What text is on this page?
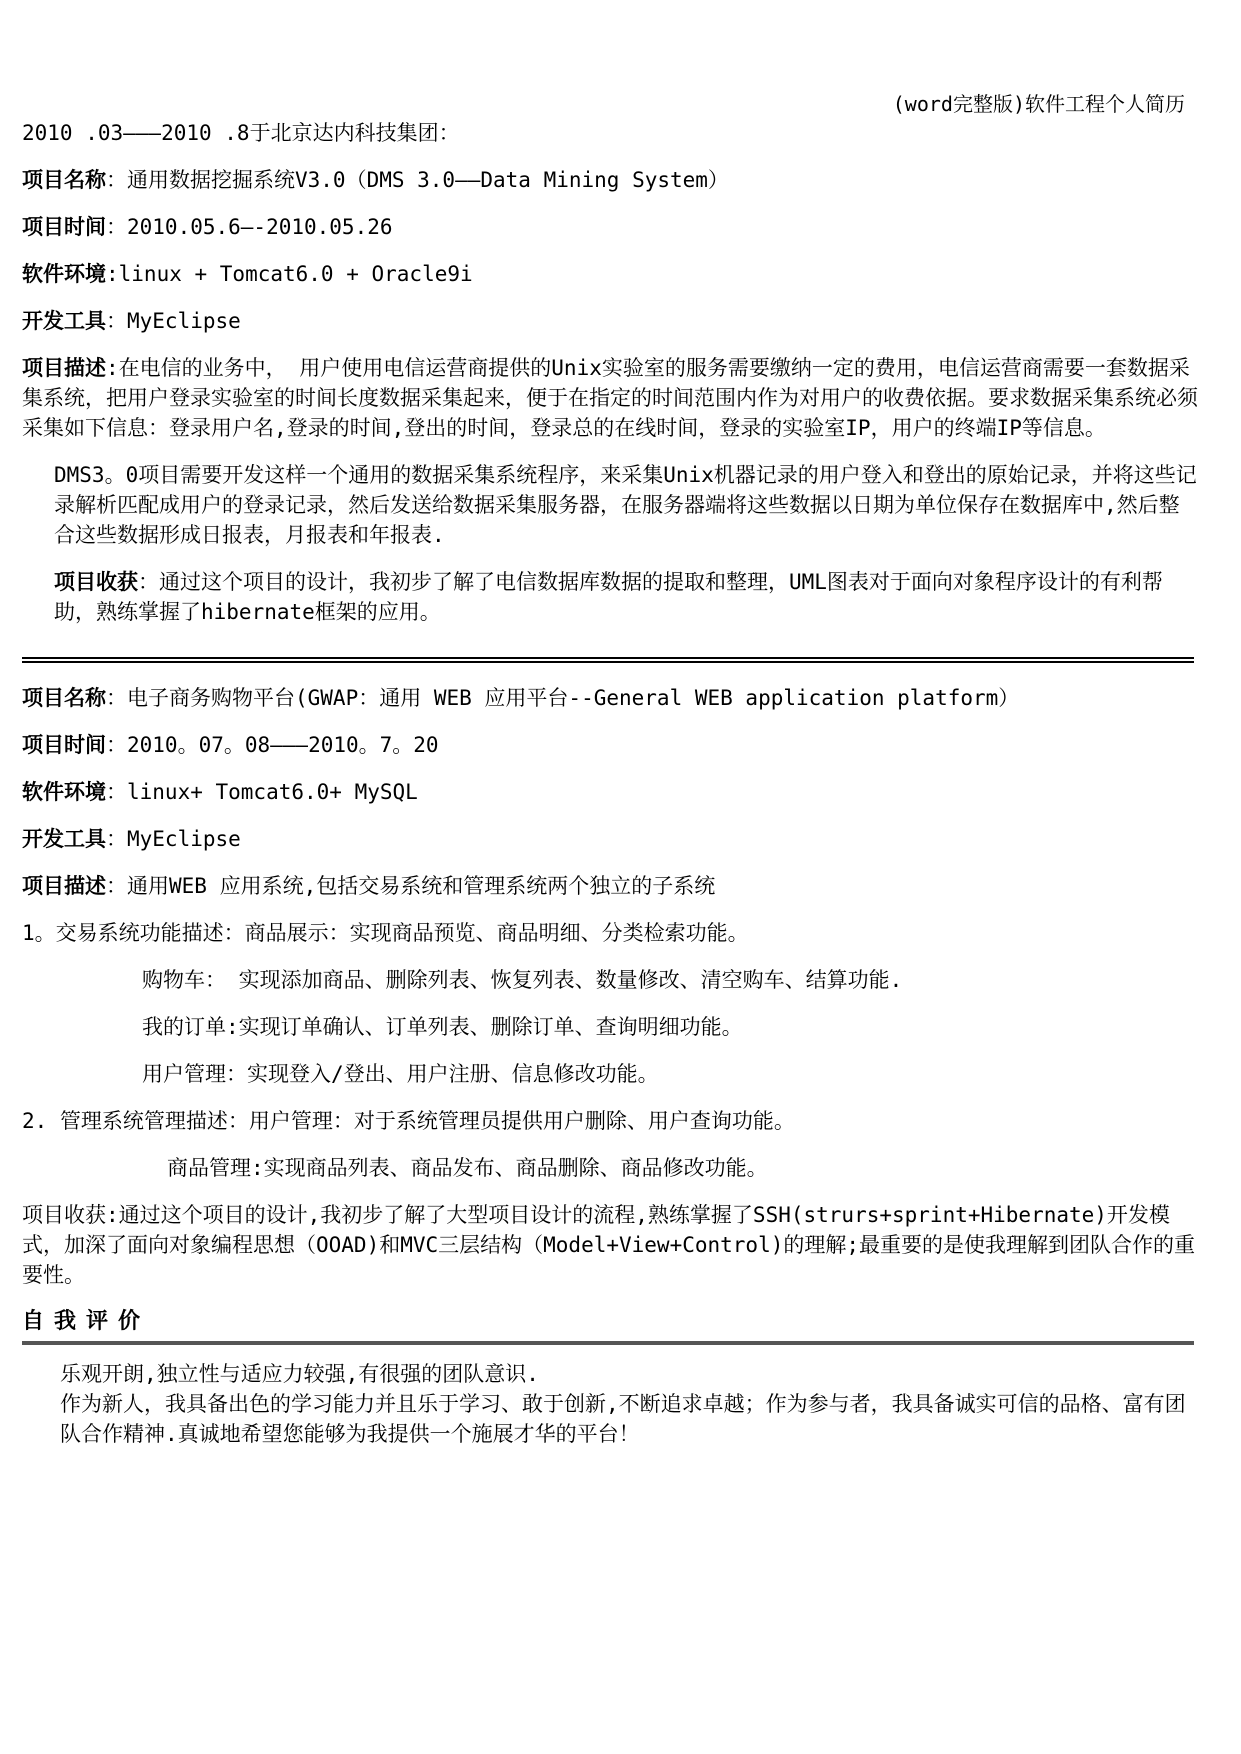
(word完整版)软件工程个人简历
2010 .03———2010 .8于北京达内科技集团：
项目名称：通用数据挖掘系统V3.0（DMS 3.0——Data Mining System）
项目时间：2010.05.6—-2010.05.26
软件环境:linux + Tomcat6.0 + Oracle9i
开发工具：MyEclipse
项目描述:在电信的业务中， 用户使用电信运营商提供的Unix实验室的服务需要缴纳一定的费用，电信运营商需要一套数据采集系统，把用户登录实验室的时间长度数据采集起来，便于在指定的时间范围内作为对用户的收费依据。要求数据采集系统必须采集如下信息：登录用户名,登录的时间,登出的时间，登录总的在线时间，登录的实验室IP，用户的终端IP等信息。
DMS3。0项目需要开发这样一个通用的数据采集系统程序，来采集Unix机器记录的用户登入和登出的原始记录，并将这些记录解析匹配成用户的登录记录，然后发送给数据采集服务器，在服务器端将这些数据以日期为单位保存在数据库中,然后整合这些数据形成日报表，月报表和年报表.
项目收获：通过这个项目的设计，我初步了解了电信数据库数据的提取和整理，UML图表对于面向对象程序设计的有利帮助，熟练掌握了hibernate框架的应用。
项目名称：电子商务购物平台(GWAP：通用 WEB 应用平台--General WEB application platform）
项目时间：2010。07。08———2010。7。20
软件环境：linux+ Tomcat6.0+ MySQL
开发工具：MyEclipse
项目描述：通用WEB 应用系统,包括交易系统和管理系统两个独立的子系统
1。交易系统功能描述：商品展示：实现商品预览、商品明细、分类检索功能。
购物车： 实现添加商品、删除列表、恢复列表、数量修改、清空购车、结算功能.
我的订单:实现订单确认、订单列表、删除订单、查询明细功能。
用户管理：实现登入/登出、用户注册、信息修改功能。
2. 管理系统管理描述：用户管理：对于系统管理员提供用户删除、用户查询功能。
商品管理:实现商品列表、商品发布、商品删除、商品修改功能。
项目收获:通过这个项目的设计,我初步了解了大型项目设计的流程,熟练掌握了SSH(strurs+sprint+Hibernate)开发模式，加深了面向对象编程思想（OOAD)和MVC三层结构（Model+View+Control)的理解;最重要的是使我理解到团队合作的重要性。
自我评价

乐观开朗,独立性与适应力较强,有很强的团队意识.

作为新人，我具备出色的学习能力并且乐于学习、敢于创新,不断追求卓越；作为参与者，我具备诚实可信的品格、富有团队合作精神.真诚地希望您能够为我提供一个施展才华的平台！
